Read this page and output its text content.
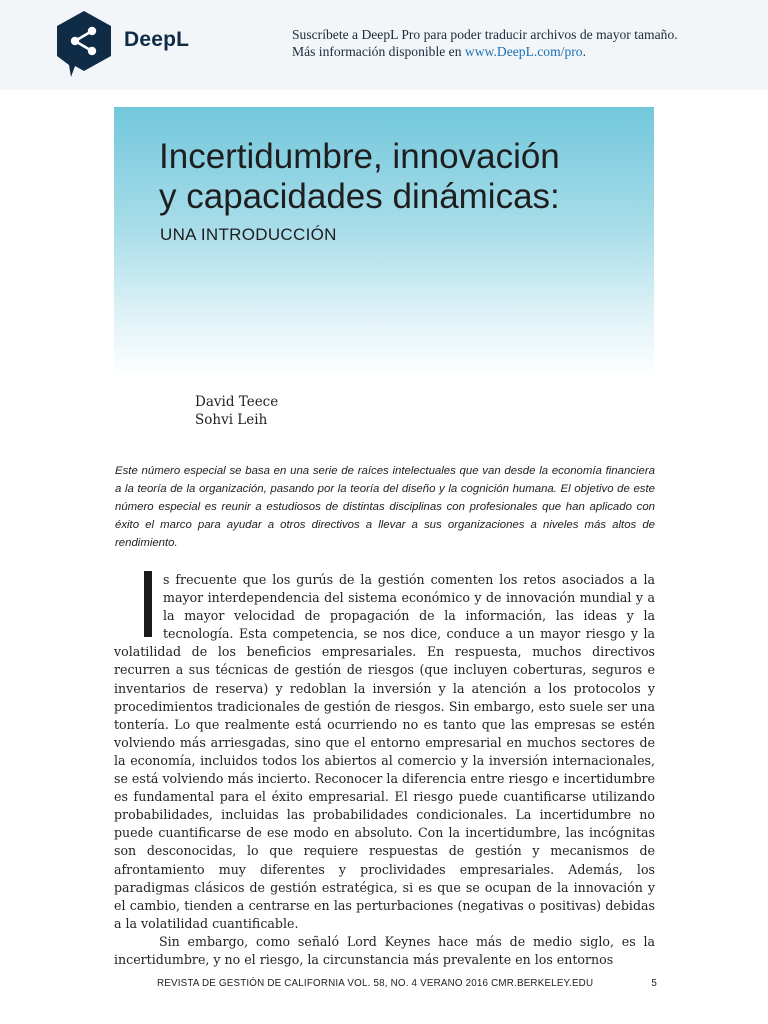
DeepL	Suscríbete a DeepL Pro para poder traducir archivos de mayor tamaño.
Más información disponible en www.DeepL.com/pro.
Incertidumbre, innovación
y capacidades dinámicas:
UNA INTRODUCCIÓN
David Teece
Sohvi Leih
Este número especial se basa en una serie de raíces intelectuales que van desde la economía financiera a la teoría de la organización, pasando por la teoría del diseño y la cognición humana. El objetivo de este número especial es reunir a estudiosos de distintas disciplinas con profesionales que han aplicado con éxito el marco para ayudar a otros directivos a llevar a sus organizaciones a niveles más altos de rendimiento.

s frecuente que los gurús de la gestión comenten los retos asociados a la mayor interdependencia del sistema económico y de innovación mundial y a la mayor velocidad de propagación de la información, las ideas y la tecnología. Esta competencia, se nos dice, conduce a un mayor riesgo y la volatilidad de los beneficios empresariales. En respuesta, muchos directivos recurren a sus técnicas de gestión de riesgos (que incluyen coberturas, seguros e inventarios de reserva) y redoblan la inversión y la atención a los protocolos y procedimientos tradicionales de gestión de riesgos. Sin embargo, esto suele ser una tontería. Lo que realmente está ocurriendo no es tanto que las empresas se estén volviendo más arriesgadas, sino que el entorno empresarial en muchos sectores de la economía, incluidos todos los abiertos al comercio y la inversión internacionales, se está volviendo más incierto. Reconocer la diferencia entre riesgo e incertidumbre es fundamental para el éxito empresarial. El riesgo puede cuantificarse utilizando probabilidades, incluidas las probabilidades condicionales. La incertidumbre no puede cuantificarse de ese modo en absoluto. Con la incertidumbre, las incógnitas son desconocidas, lo que requiere respuestas de gestión y mecanismos de afrontamiento muy diferentes y proclividades empresariales. Además, los paradigmas clásicos de gestión estratégica, si es que se ocupan de la innovación y el cambio, tienden a centrarse en las perturbaciones (negativas o positivas) debidas a la volatilidad cuantificable.

Sin embargo, como señaló Lord Keynes hace más de medio siglo, es la incertidumbre, y no el riesgo, la circunstancia más prevalente en los entornos

REVISTA DE GESTIÓN DE CALIFORNIA VOL. 58, NO. 4 VERANO 2016 CMR.BERKELEY.EDU	5
